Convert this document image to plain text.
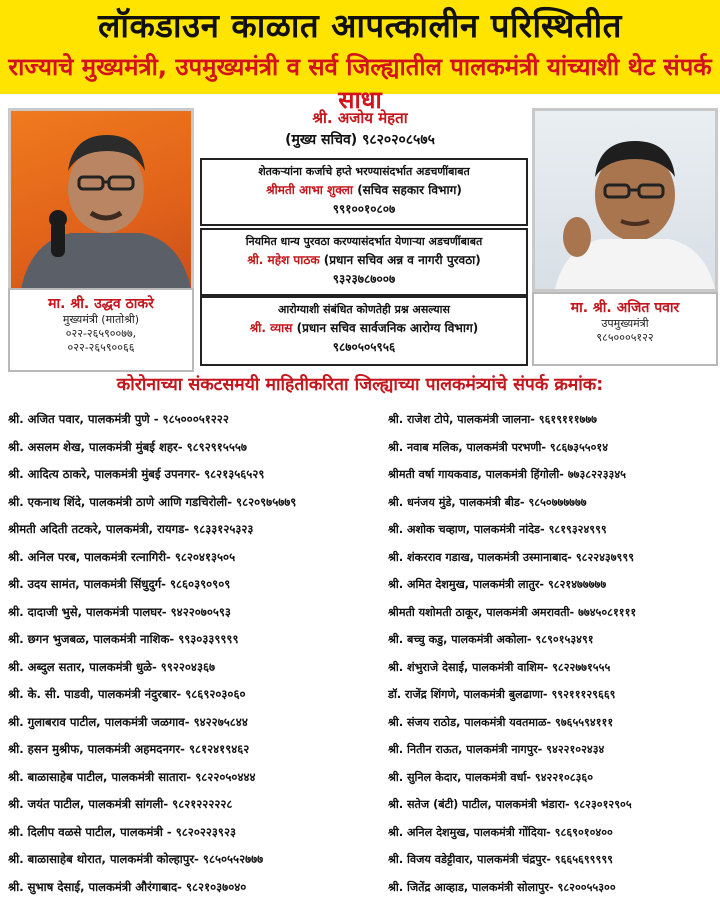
लॉकडाउन काळात आपत्कालीन परिस्थितीत
राज्याचे मुख्यमंत्री, उपमुख्यमंत्री व सर्व जिल्ह्यातील पालकमंत्री यांच्याशी थेट संपर्क साधा
मा. श्री. उद्धव ठाकरे
मुख्यमंत्री (मातोश्री)
०२२-२६५९००७७,
०२२-२६५९००६६
मा. श्री. अजित पवार
उपमुख्यमंत्री
९८५०००५१२२
श्री. अजोय मेहता
(मुख्य सचिव) ९८२०२०८५७५
शेतकऱ्यांना कर्जाचे हप्ते भरण्यासंदर्भात अडचणींबाबत
श्रीमती आभा शुक्ला (सचिव सहकार विभाग)
९९१००१०८०७
नियमित धान्य पुरवठा करण्यासंदर्भात येणाऱ्या अडचणींबाबत
श्री. महेश पाठक (प्रधान सचिव अन्न व नागरी पुरवठा)
९३२३७८७००७
आरोग्याशी संबंधित कोणतेही प्रश्न असल्यास
श्री. व्यास (प्रधान सचिव सार्वजनिक आरोग्य विभाग)
९८७०५०५९५६
कोरोनाच्या संकटसमयी माहितीकरिता जिल्ह्याच्या पालकमंत्र्यांचे संपर्क क्रमांक:
श्री. अजित पवार, पालकमंत्री पुणे - ९८५०००५१२२२
श्री. असलम शेख, पालकमंत्री मुंबई शहर- ९८९२९१५५५७
श्री. आदित्य ठाकरे, पालकमंत्री मुंबई उपनगर- ९८२१३५६५२९
श्री. एकनाथ शिंदे, पालकमंत्री ठाणे आणि गडचिरोली- ९८२०९७५७७९
श्रीमती अदिती तटकरे, पालकमंत्री, रायगड- ९८३३१२५३२३
श्री. अनिल परब, पालकमंत्री रत्नागिरी- ९८२०४१३५०५
श्री. उदय सामंत, पालकमंत्री सिंधुदुर्ग- ९८६०३९०९०९
श्री. दादाजी भुसे, पालकमंत्री पालघर- ९४२२०७०५९३
श्री. छगन भुजबळ, पालकमंत्री नाशिक- ९९३०३३९९९९
श्री. अब्दुल सतार, पालकमंत्री धुळे- ९९२२०४३६७
श्री. के. सी. पाडवी, पालकमंत्री नंदुरबार- ९८६९२०३०६०
श्री. गुलाबराव पाटील, पालकमंत्री जळगाव- ९४२२७५८४४
श्री. हसन मुश्रीफ, पालकमंत्री अहमदनगर- ९८१२४१९४६२
श्री. बाळासाहेब पाटील, पालकमंत्री सातारा- ९८२२०५०४४४
श्री. जयंत पाटील, पालकमंत्री सांगली- ९८२१२२२२२८
श्री. दिलीप वळसे पाटील, पालकमंत्री - ९८२०२२३९२३
श्री. बाळासाहेब थोरात, पालकमंत्री कोल्हापुर- ९८५०५५२७७७
श्री. सुभाष देसाई, पालकमंत्री औरंगाबाद- ९८२१०३७०४०
श्री. राजेश टोपे, पालकमंत्री जालना- ९६१९१११७७७
श्री. नवाब मलिक, पालकमंत्री परभणी- ९८६७३५५०१४
श्रीमती वर्षा गायकवाड, पालकमंत्री हिंगोली- ७७३८२२३३४५
श्री. धनंजय मुंडे, पालकमंत्री बीड- ९८५०७७७७७७
श्री. अशोक चव्हाण, पालकमंत्री नांदेड- ९८१९३२४९९९
श्री. शंकरराव गडाख, पालकमंत्री उस्मानाबाद- ९८२२४३७९९९
श्री. अमित देशमुख, पालकमंत्री लातुर- ९८२१४७७७७७
श्रीमती यशोमती ठाकूर, पालकमंत्री अमरावती- ७७४५०८११११
श्री. बच्चु कडु, पालकमंत्री अकोला- ९८९०१५३४९१
श्री. शंभुराजे देसाई, पालकमंत्री वाशिम- ९८२२७७१५५५
डॉ. राजेंद्र शिंगणे, पालकमंत्री बुलढाणा- ९९२१११२९६६९
श्री. संजय राठोड, पालकमंत्री यवतमाळ- ९७६५५९४१११
श्री. नितीन राऊत, पालकमंत्री नागपुर- ९४२२१०२४३४
श्री. सुनिल केदार, पालकमंत्री वर्धा- ९४२२१०८३६०
श्री. सतेज (बंटी) पाटील, पालकमंत्री भंडारा- ९८२३०१२९०५
श्री. अनिल देशमुख, पालकमंत्री गोंदिया- ९८६९०१०४००
श्री. विजय वडेट्टीवार, पालकमंत्री चंद्रपुर- ९६६५६९९९९९
श्री. जितेंद्र आव्हाड, पालकमंत्री सोलापुर- ९८२००५५३००
